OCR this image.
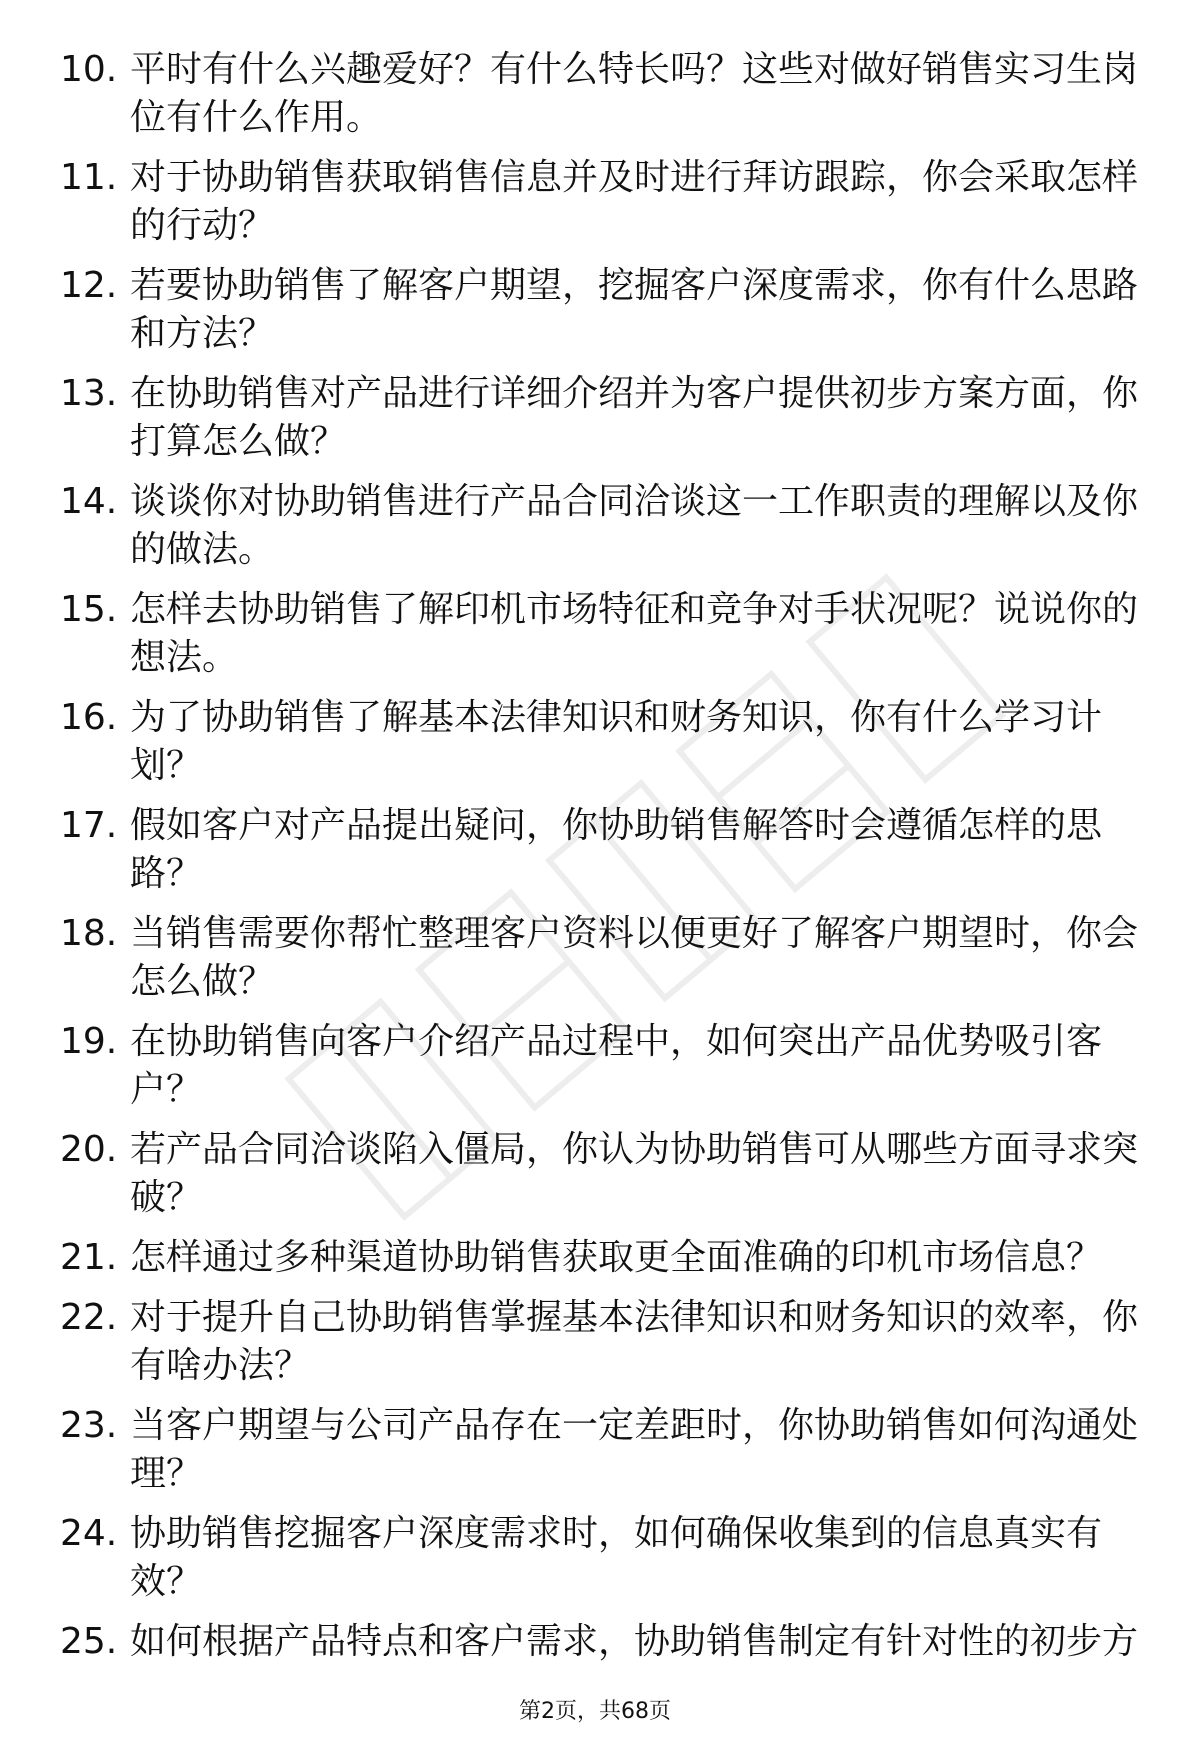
10. 平时有什么兴趣爱好？有什么特长吗？这些对做好销售实习生岗位有什么作用。
11. 对于协助销售获取销售信息并及时进行拜访跟踪，你会采取怎样的行动？
12. 若要协助销售了解客户期望，挖掘客户深度需求，你有什么思路和方法？
13. 在协助销售对产品进行详细介绍并为客户提供初步方案方面，你打算怎么做？
14. 谈谈你对协助销售进行产品合同洽谈这一工作职责的理解以及你的做法。
15. 怎样去协助销售了解印机市场特征和竞争对手状况呢？说说你的想法。
16. 为了协助销售了解基本法律知识和财务知识，你有什么学习计划？
17. 假如客户对产品提出疑问，你协助销售解答时会遵循怎样的思路？
18. 当销售需要你帮忙整理客户资料以便更好了解客户期望时，你会怎么做？
19. 在协助销售向客户介绍产品过程中，如何突出产品优势吸引客户？
20. 若产品合同洽谈陷入僵局，你认为协助销售可从哪些方面寻求突破？
21. 怎样通过多种渠道协助销售获取更全面准确的印机市场信息？
22. 对于提升自己协助销售掌握基本法律知识和财务知识的效率，你有啥办法？
23. 当客户期望与公司产品存在一定差距时，你协助销售如何沟通处理？
24. 协助销售挖掘客户深度需求时，如何确保收集到的信息真实有效？
25. 如何根据产品特点和客户需求，协助销售制定有针对性的初步方
第2页，共68页
